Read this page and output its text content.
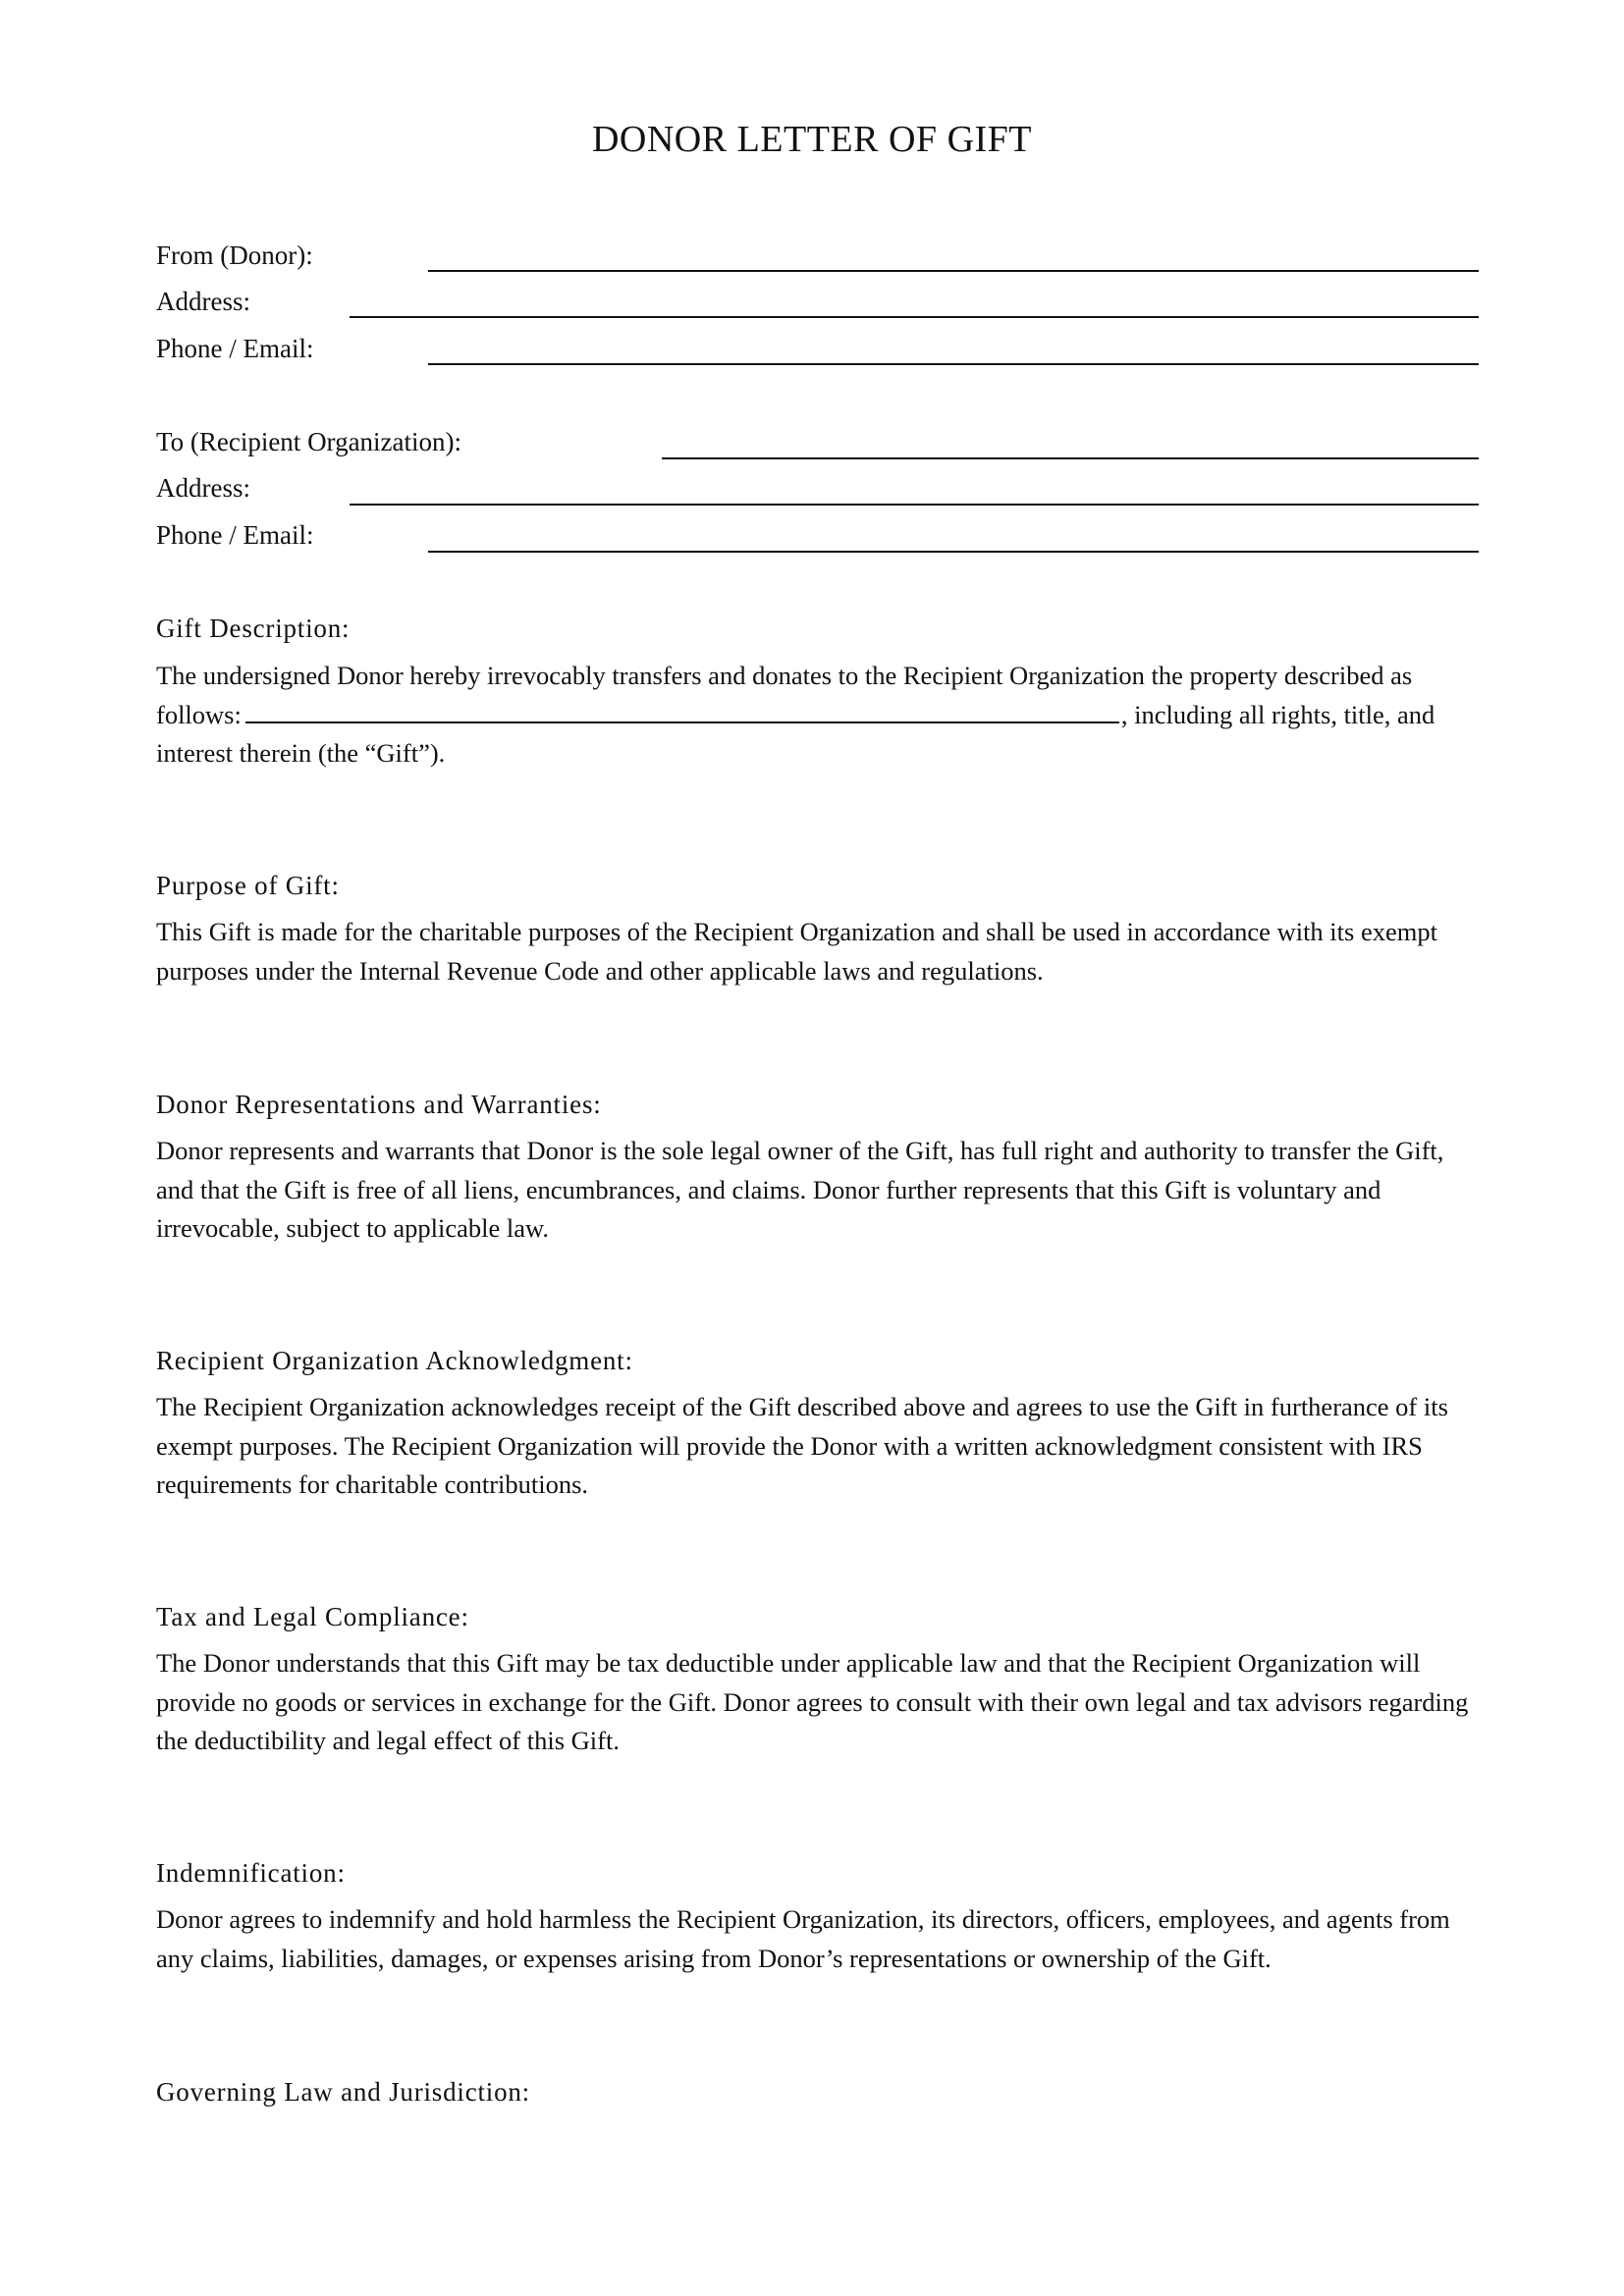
DONOR LETTER OF GIFT
From (Donor):
Address:
Phone / Email:
To (Recipient Organization):
Address:
Phone / Email:
Gift Description:
The undersigned Donor hereby irrevocably transfers and donates to the Recipient Organization the property described as follows:	, including all rights, title, and interest therein (the “Gift”).
Purpose of Gift:
This Gift is made for the charitable purposes of the Recipient Organization and shall be used in accordance with its exempt purposes under the Internal Revenue Code and other applicable laws and regulations.
Donor Representations and Warranties:
Donor represents and warrants that Donor is the sole legal owner of the Gift, has full right and authority to transfer the Gift, and that the Gift is free of all liens, encumbrances, and claims. Donor further represents that this Gift is voluntary and irrevocable, subject to applicable law.
Recipient Organization Acknowledgment:
The Recipient Organization acknowledges receipt of the Gift described above and agrees to use the Gift in furtherance of its exempt purposes. The Recipient Organization will provide the Donor with a written acknowledgment consistent with IRS requirements for charitable contributions.
Tax and Legal Compliance:
The Donor understands that this Gift may be tax deductible under applicable law and that the Recipient Organization will provide no goods or services in exchange for the Gift. Donor agrees to consult with their own legal and tax advisors regarding the deductibility and legal effect of this Gift.
Indemnification:
Donor agrees to indemnify and hold harmless the Recipient Organization, its directors, officers, employees, and agents from any claims, liabilities, damages, or expenses arising from Donor’s representations or ownership of the Gift.
Governing Law and Jurisdiction:
